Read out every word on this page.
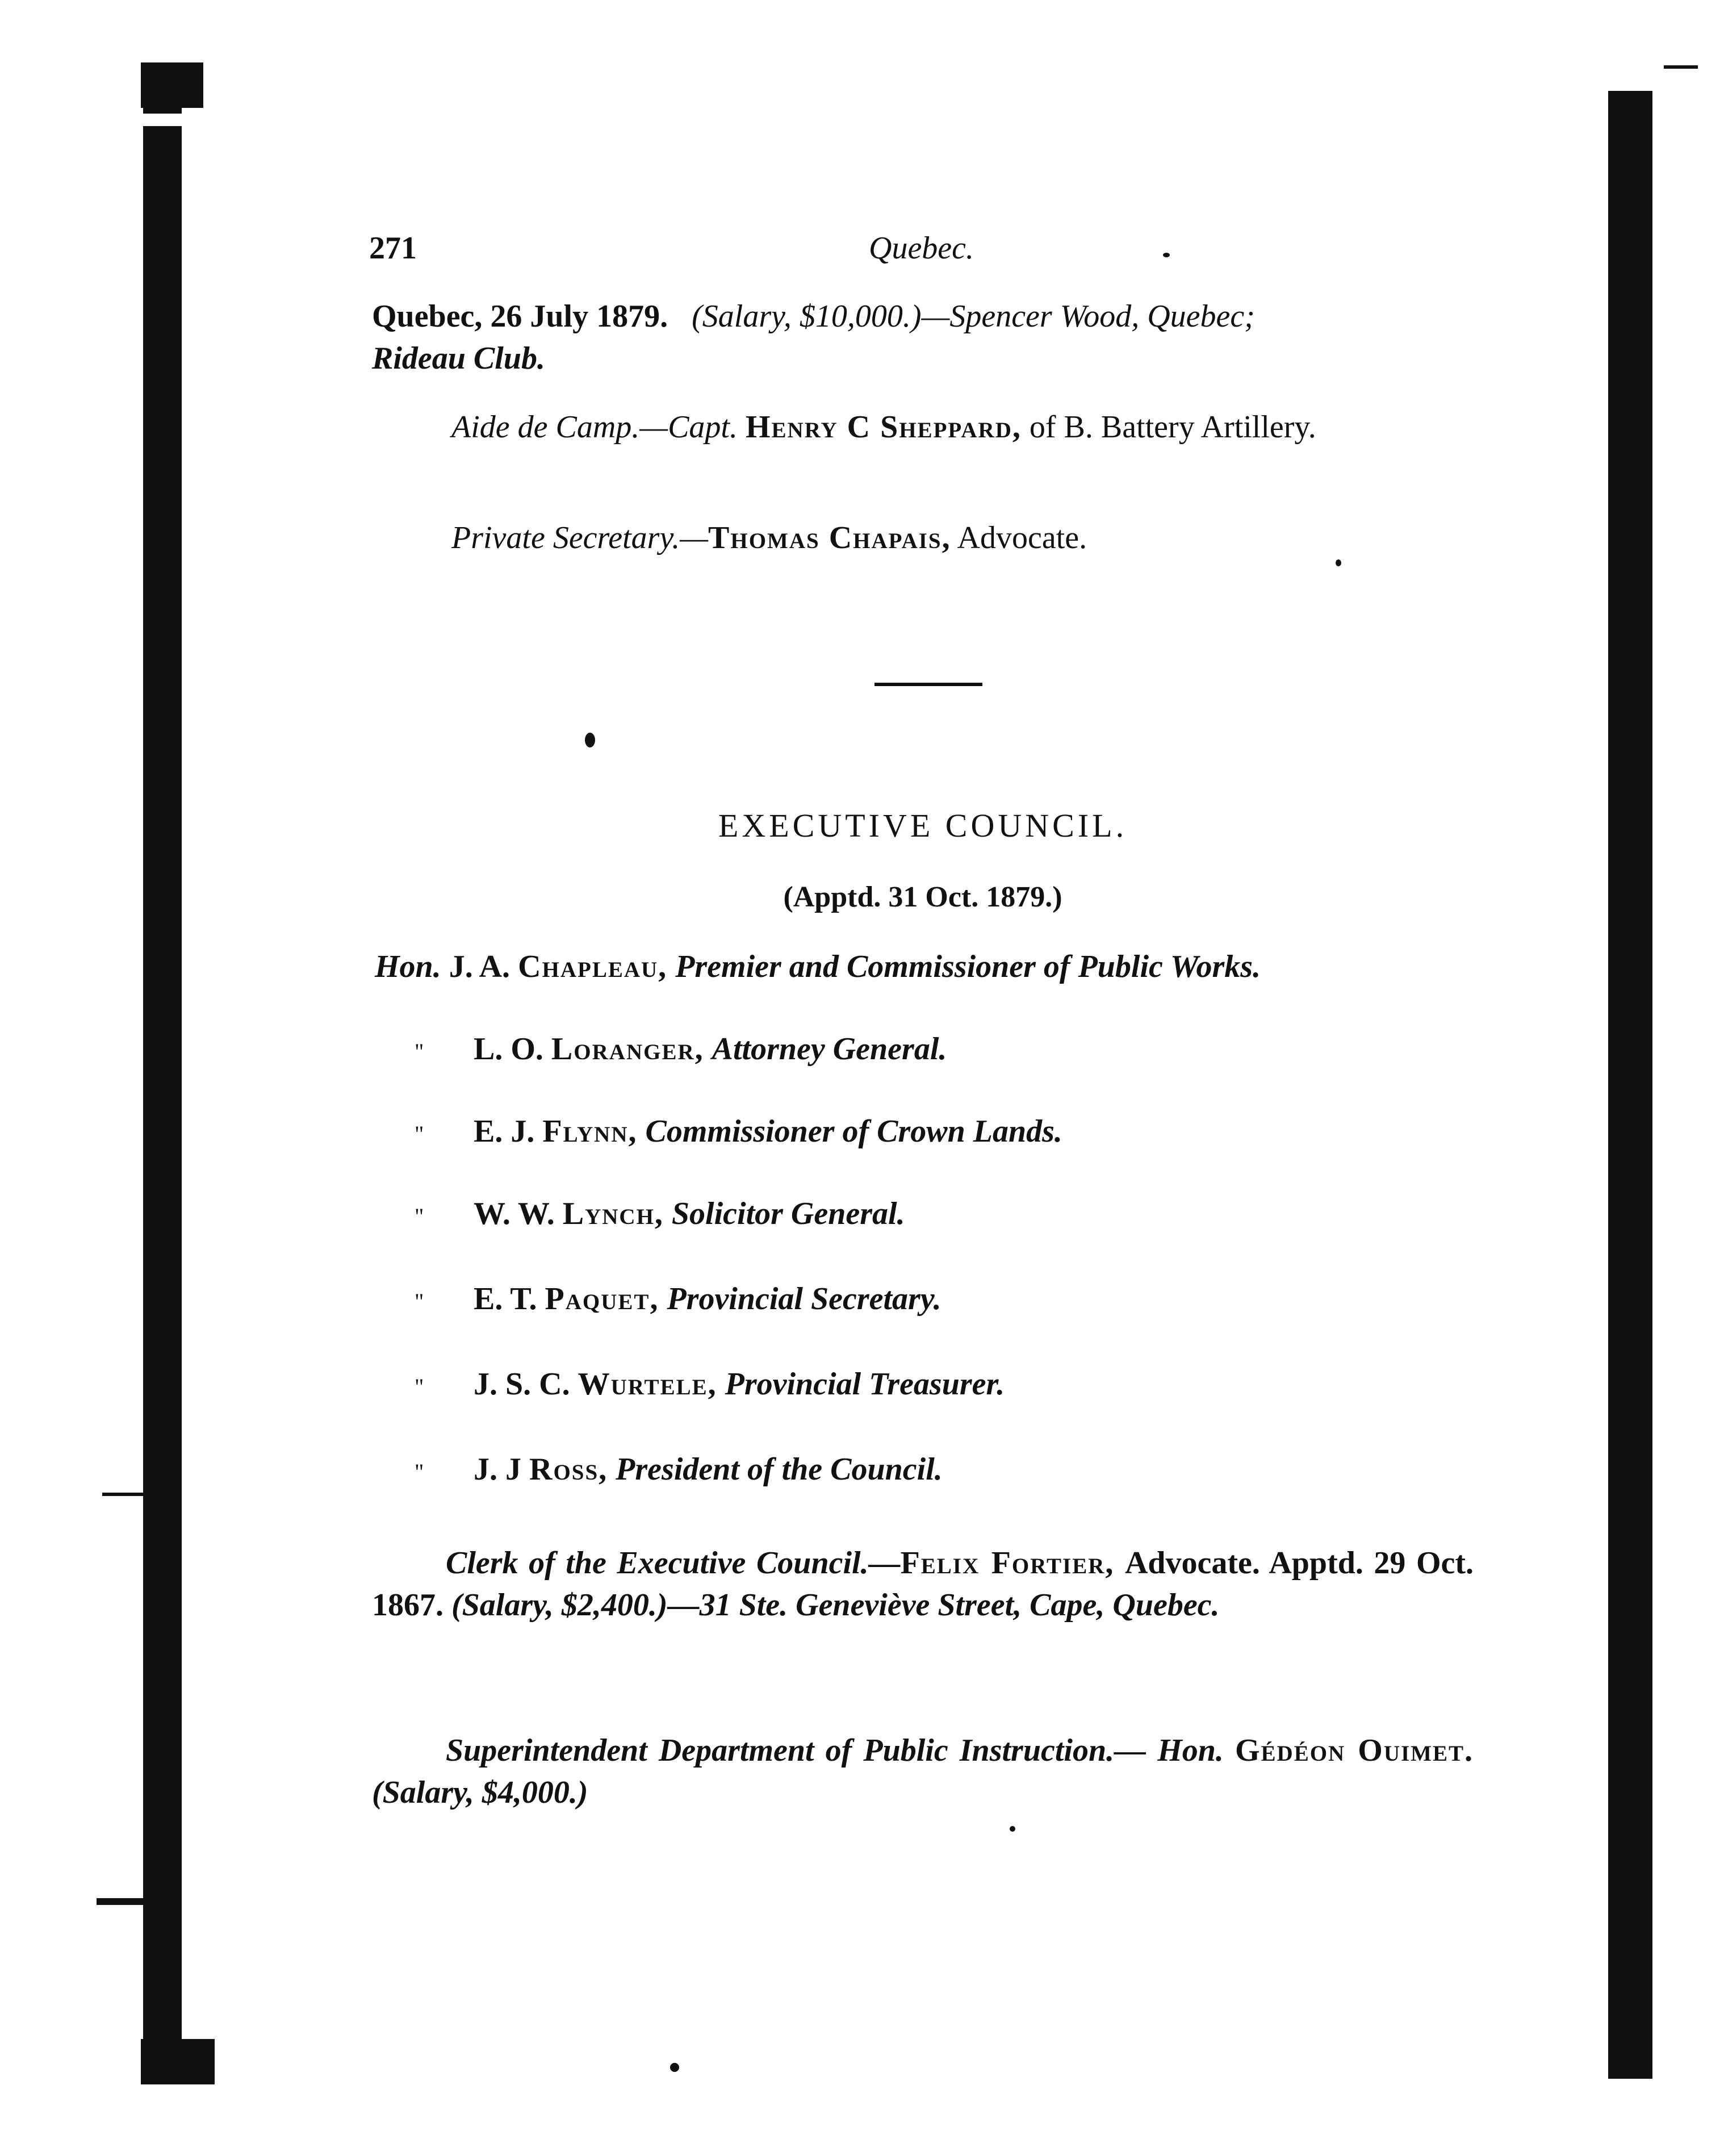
271	Quebec.
Quebec, 26 July 1879. (Salary, $10,000.)—Spencer Wood, Quebec;
Rideau Club.
Aide de Camp.—Capt. Henry C Sheppard, of B. Battery Artillery.
Private Secretary.—Thomas Chapais, Advocate.
EXECUTIVE COUNCIL.
(Apptd. 31 Oct. 1879.)
Hon. J. A. Chapleau, Premier and Commissioner of Public Works.
" L. O. Loranger, Attorney General.
" E. J. Flynn, Commissioner of Crown Lands.
" W. W. Lynch, Solicitor General.
" E. T. Paquet, Provincial Secretary.
" J. S. C. Wurtele, Provincial Treasurer.
" J. J Ross, President of the Council.
Clerk of the Executive Council.—Felix Fortier, Advocate. Apptd. 29 Oct. 1867. (Salary, $2,400.)—31 Ste. Geneviève Street, Cape, Quebec.
Superintendent Department of Public Instruction.— Hon. Gédéon Ouimet. (Salary, $4,000.)
